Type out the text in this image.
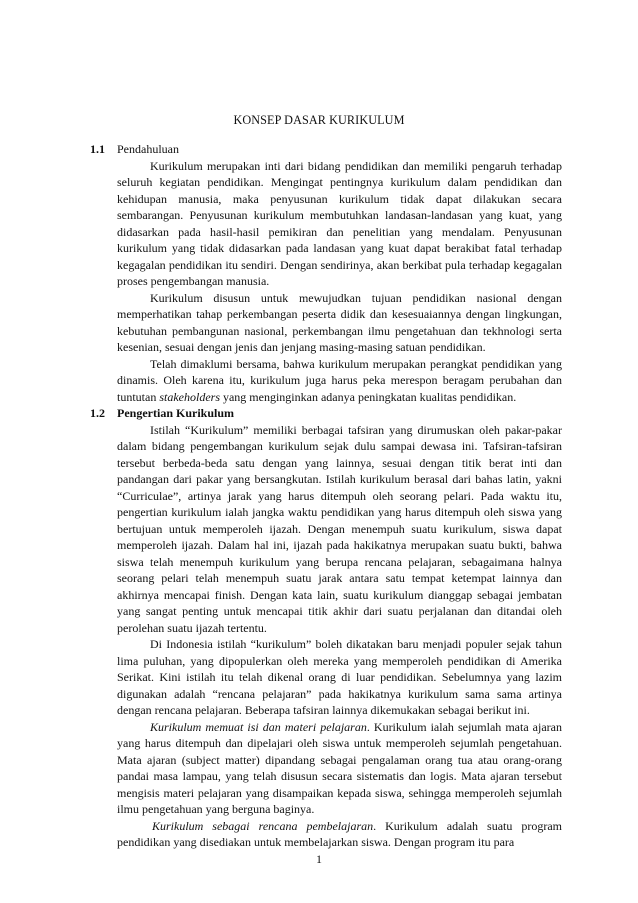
KONSEP DASAR KURIKULUM
1.1	Pendahuluan

Kurikulum merupakan inti dari bidang pendidikan dan memiliki pengaruh terhadap seluruh kegiatan pendidikan. Mengingat pentingnya kurikulum dalam pendidikan dan kehidupan manusia, maka penyusunan kurikulum tidak dapat dilakukan secara sembarangan. Penyusunan kurikulum membutuhkan landasan-landasan yang kuat, yang didasarkan pada hasil-hasil pemikiran dan penelitian yang mendalam. Penyusunan kurikulum yang tidak didasarkan pada landasan yang kuat dapat berakibat fatal terhadap kegagalan pendidikan itu sendiri. Dengan sendirinya, akan berkibat pula terhadap kegagalan proses pengembangan manusia.

Kurikulum disusun untuk mewujudkan tujuan pendidikan nasional dengan memperhatikan tahap perkembangan peserta didik dan kesesuaiannya dengan lingkungan, kebutuhan pembangunan nasional, perkembangan ilmu pengetahuan dan tekhnologi serta kesenian, sesuai dengan jenis dan jenjang masing-masing satuan pendidikan.

Telah dimaklumi bersama, bahwa kurikulum merupakan perangkat pendidikan yang dinamis. Oleh karena itu, kurikulum juga harus peka merespon beragam perubahan dan tuntutan stakeholders yang menginginkan adanya peningkatan kualitas pendidikan.

1.2	Pengertian Kurikulum

Istilah “Kurikulum” memiliki berbagai tafsiran yang dirumuskan oleh pakar-pakar dalam bidang pengembangan kurikulum sejak dulu sampai dewasa ini. Tafsiran-tafsiran tersebut berbeda-beda satu dengan yang lainnya, sesuai dengan titik berat inti dan pandangan dari pakar yang bersangkutan. Istilah kurikulum berasal dari bahas latin, yakni “Curriculae”, artinya jarak yang harus ditempuh oleh seorang pelari. Pada waktu itu, pengertian kurikulum ialah jangka waktu pendidikan yang harus ditempuh oleh siswa yang bertujuan untuk memperoleh ijazah. Dengan menempuh suatu kurikulum, siswa dapat memperoleh ijazah. Dalam hal ini, ijazah pada hakikatnya merupakan suatu bukti, bahwa siswa telah menempuh kurikulum yang berupa rencana pelajaran, sebagaimana halnya seorang pelari telah menempuh suatu jarak antara satu tempat ketempat lainnya dan akhirnya mencapai finish. Dengan kata lain, suatu kurikulum dianggap sebagai jembatan yang sangat penting untuk mencapai titik akhir dari suatu perjalanan dan ditandai oleh perolehan suatu ijazah tertentu.

Di Indonesia istilah “kurikulum” boleh dikatakan baru menjadi populer sejak tahun lima puluhan, yang dipopulerkan oleh mereka yang memperoleh pendidikan di Amerika Serikat. Kini istilah itu telah dikenal orang di luar pendidikan. Sebelumnya yang lazim digunakan adalah “rencana pelajaran” pada hakikatnya kurikulum sama sama artinya dengan rencana pelajaran. Beberapa tafsiran lainnya dikemukakan sebagai berikut ini.

Kurikulum memuat isi dan materi pelajaran. Kurikulum ialah sejumlah mata ajaran yang harus ditempuh dan dipelajari oleh siswa untuk memperoleh sejumlah pengetahuan. Mata ajaran (subject matter) dipandang sebagai pengalaman orang tua atau orang-orang pandai masa lampau, yang telah disusun secara sistematis dan logis. Mata ajaran tersebut mengisis materi pelajaran yang disampaikan kepada siswa, sehingga memperoleh sejumlah ilmu pengetahuan yang berguna baginya.

Kurikulum sebagai rencana pembelajaran. Kurikulum adalah suatu program pendidikan yang disediakan untuk membelajarkan siswa. Dengan program itu para

1
